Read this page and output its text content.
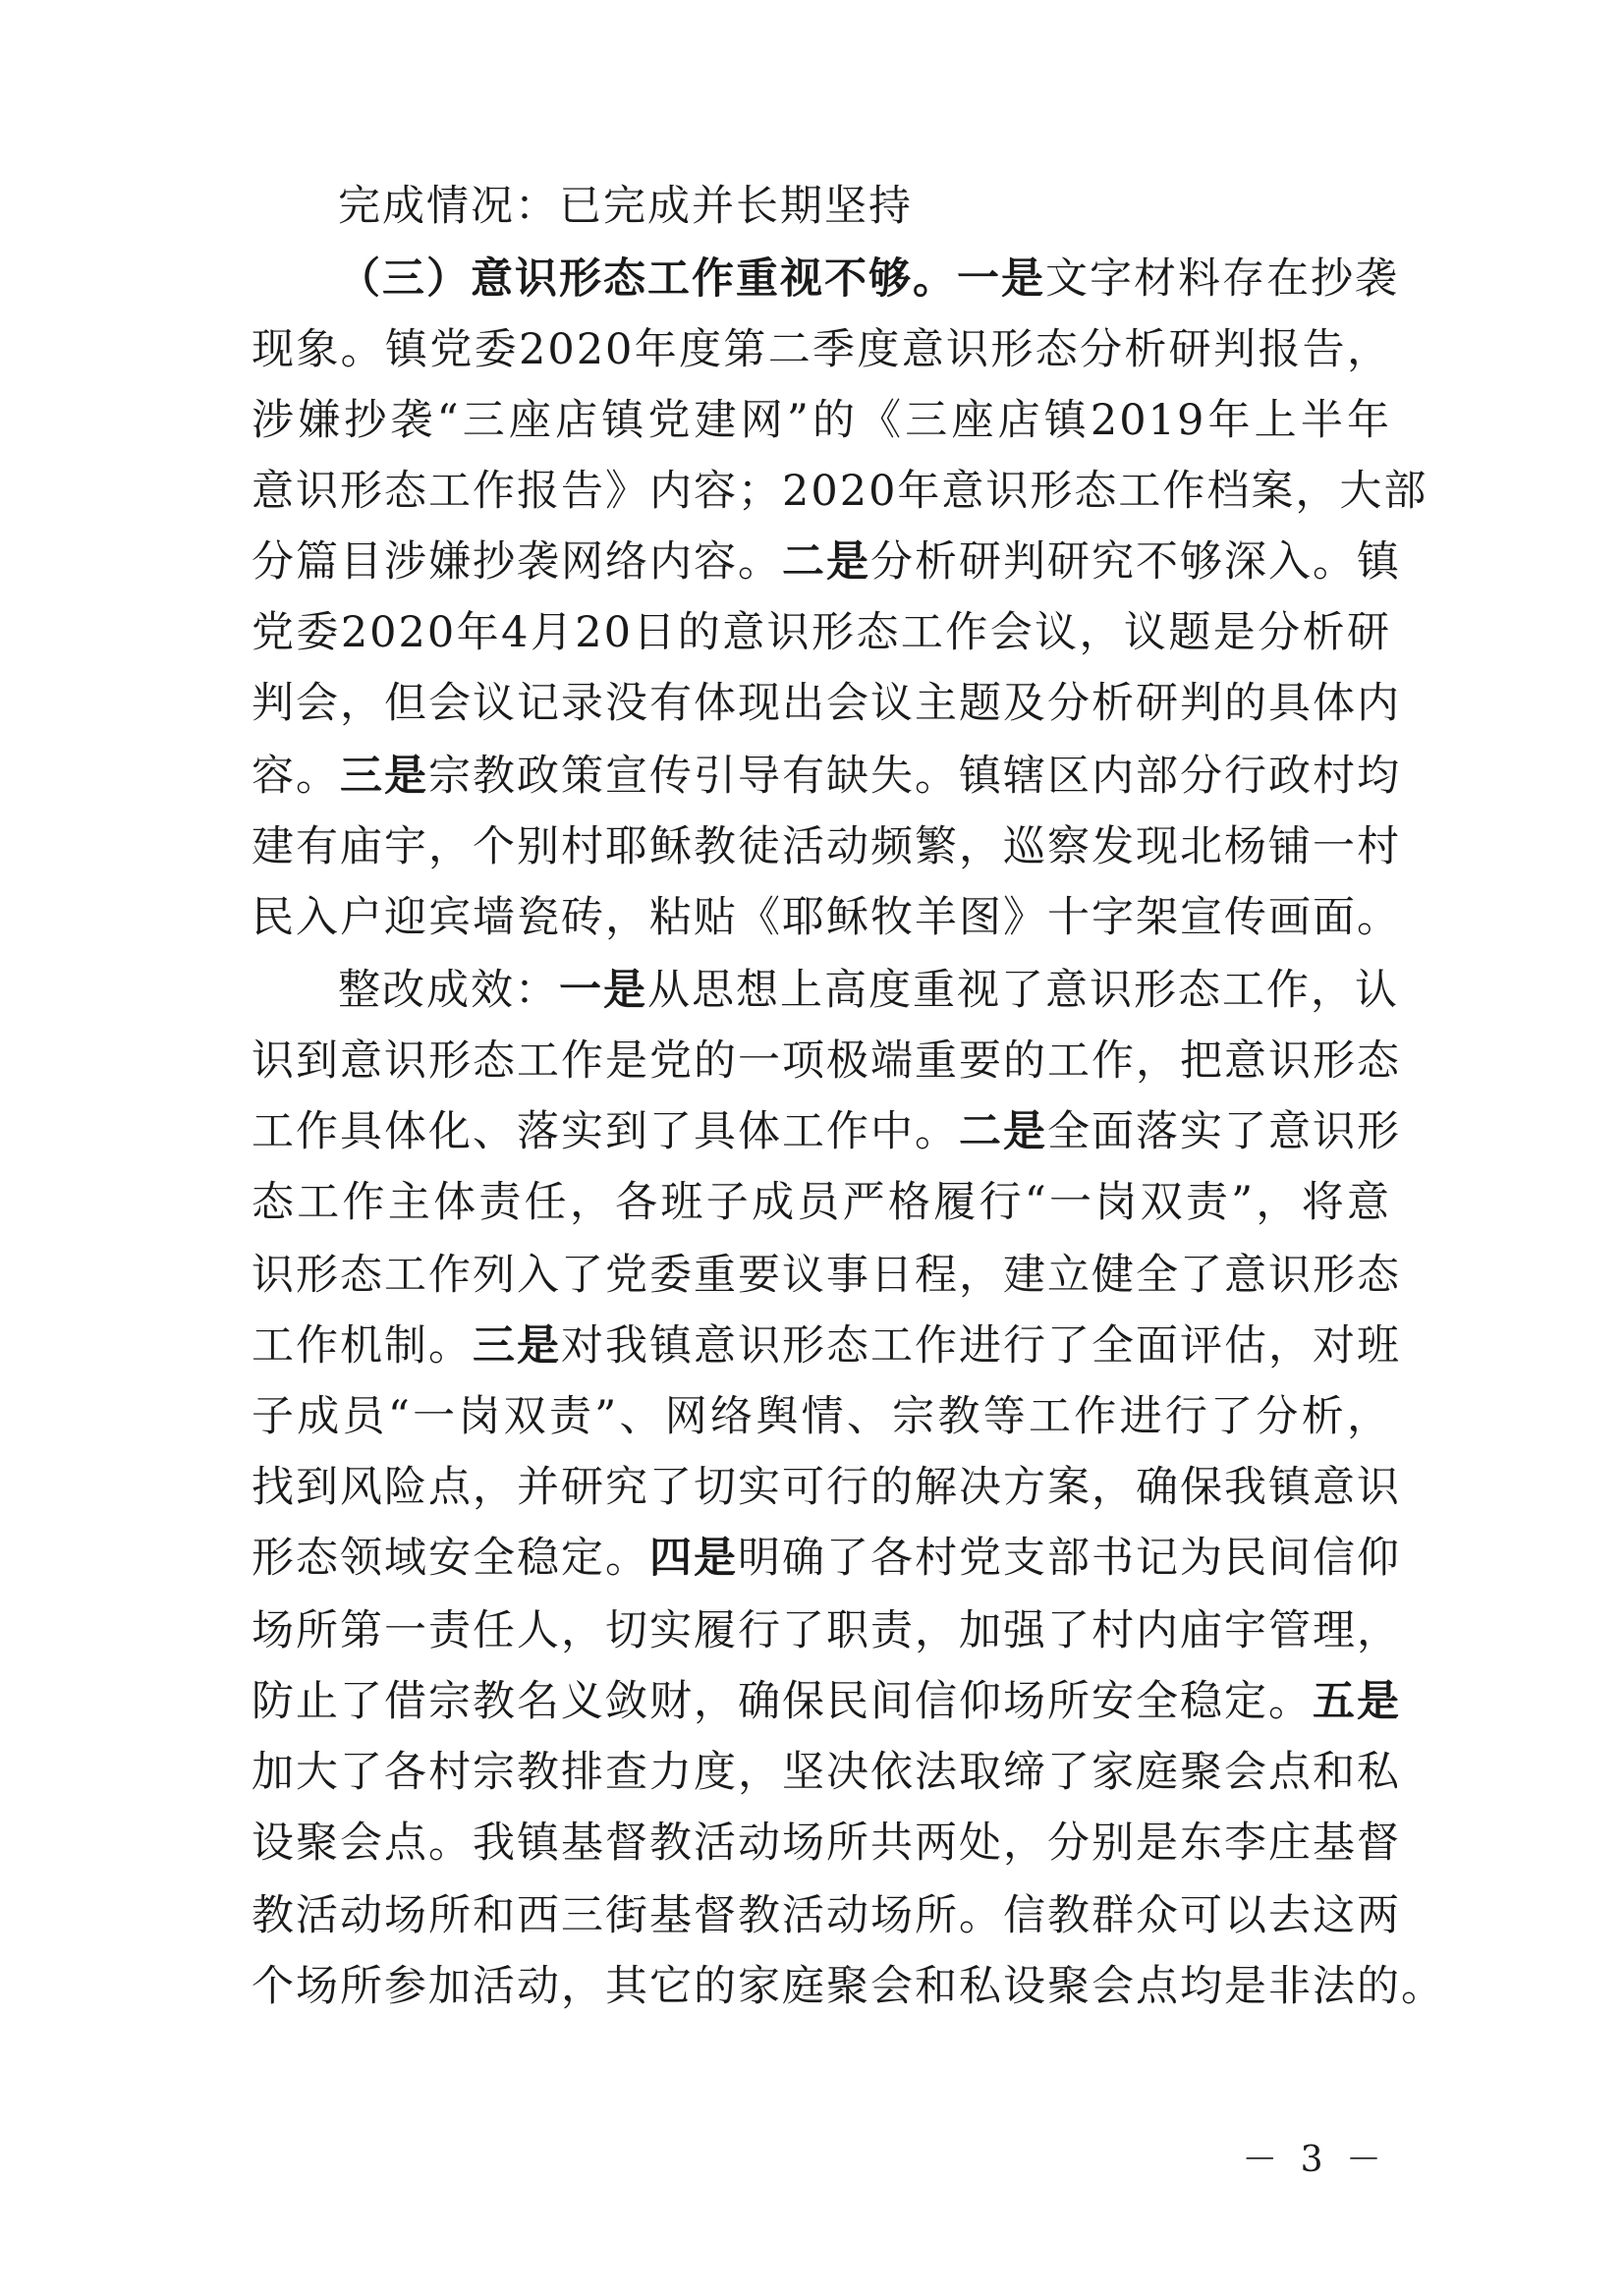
完成情况：已完成并长期坚持
（三）意识形态工作重视不够。一是文字材料存在抄袭
现象。镇党委2020年度第二季度意识形态分析研判报告，
涉嫌抄袭“三座店镇党建网”的《三座店镇2019年上半年
意识形态工作报告》内容；2020年意识形态工作档案，大部
分篇目涉嫌抄袭网络内容。二是分析研判研究不够深入。镇
党委2020年4月20日的意识形态工作会议，议题是分析研
判会，但会议记录没有体现出会议主题及分析研判的具体内
容。三是宗教政策宣传引导有缺失。镇辖区内部分行政村均
建有庙宇，个别村耶稣教徒活动频繁，巡察发现北杨铺一村
民入户迎宾墙瓷砖，粘贴《耶稣牧羊图》十字架宣传画面。
整改成效：一是从思想上高度重视了意识形态工作，认
识到意识形态工作是党的一项极端重要的工作，把意识形态
工作具体化、落实到了具体工作中。二是全面落实了意识形
态工作主体责任，各班子成员严格履行“一岗双责”，将意
识形态工作列入了党委重要议事日程，建立健全了意识形态
工作机制。三是对我镇意识形态工作进行了全面评估，对班
子成员“一岗双责”、网络舆情、宗教等工作进行了分析，
找到风险点，并研究了切实可行的解决方案，确保我镇意识
形态领域安全稳定。四是明确了各村党支部书记为民间信仰
场所第一责任人，切实履行了职责，加强了村内庙宇管理，
防止了借宗教名义敛财，确保民间信仰场所安全稳定。五是
加大了各村宗教排查力度，坚决依法取缔了家庭聚会点和私
设聚会点。我镇基督教活动场所共两处，分别是东李庄基督
教活动场所和西三街基督教活动场所。信教群众可以去这两
个场所参加活动，其它的家庭聚会和私设聚会点均是非法的。
－ 3 －
